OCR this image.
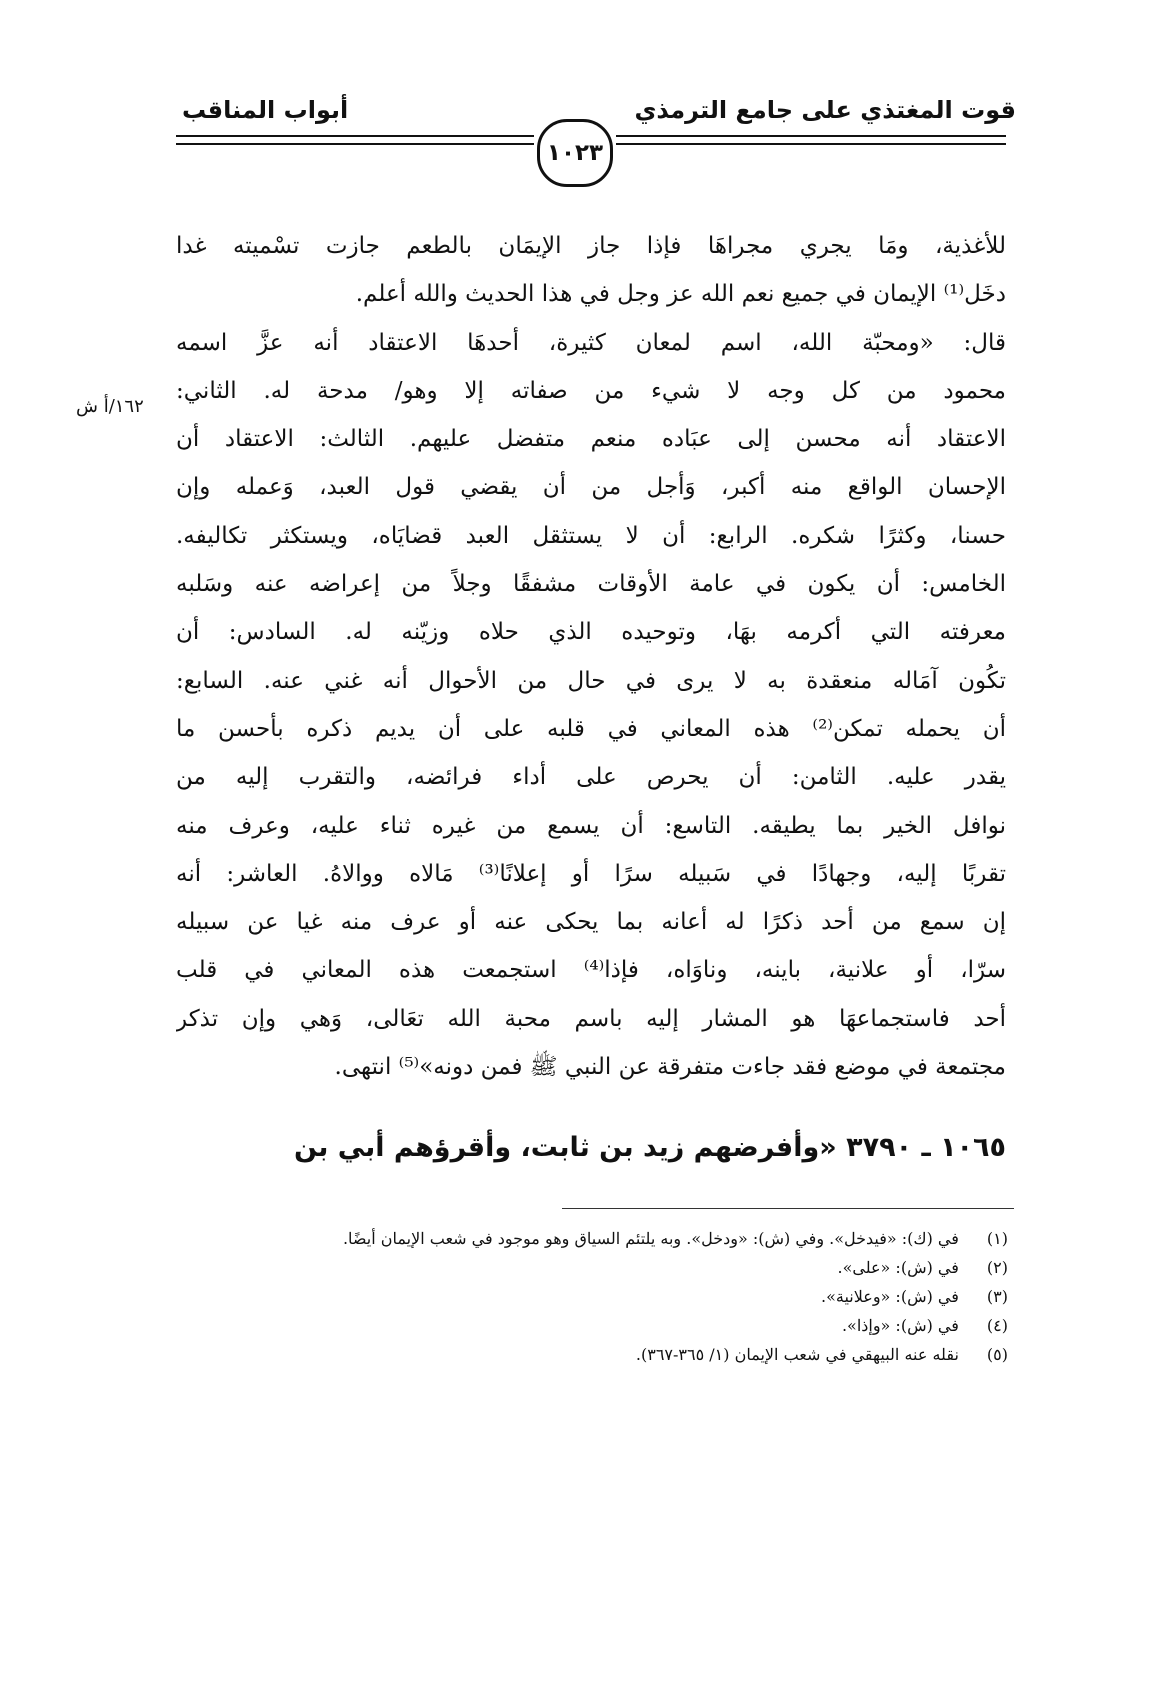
قوت المغتذي على جامع الترمذي
أبواب المناقب
١٠٢٣
١٦٢/أ ش
للأغذية، ومَا يجري مجراهَا فإذا جاز الإيمَان بالطعم جازت تسْميته غدا
دخَل⁽¹⁾ الإيمان في جميع نعم الله عز وجل في هذا الحديث والله أعلم.
قال: «ومحبّة الله، اسم لمعان كثيرة، أحدهَا الاعتقاد أنه عزَّ اسمه
محمود من كل وجه لا شيء من صفاته إلا وهو/ مدحة له. الثاني:
الاعتقاد أنه محسن إلى عبَاده منعم متفضل عليهم. الثالث: الاعتقاد أن
الإحسان الواقع منه أكبر، وَأجل من أن يقضي قول العبد، وَعمله وإن
حسنا، وكثرًا شكره. الرابع: أن لا يستثقل العبد قضايَاه، ويستكثر تكاليفه.
الخامس: أن يكون في عامة الأوقات مشفقًا وجلاً من إعراضه عنه وسَلبه
معرفته التي أكرمه بهَا، وتوحيده الذي حلاه وزيّنه له. السادس: أن
تكُون آمَاله منعقدة به لا يرى في حال من الأحوال أنه غني عنه. السابع:
أن يحمله تمكن⁽²⁾ هذه المعاني في قلبه على أن يديم ذكره بأحسن ما
يقدر عليه. الثامن: أن يحرص على أداء فرائضه، والتقرب إليه من
نوافل الخير بما يطيقه. التاسع: أن يسمع من غيره ثناء عليه، وعرف منه
تقربًا إليه، وجهادًا في سَبيله سرًا أو إعلانًا⁽³⁾ مَالاه ووالاهُ. العاشر: أنه
إن سمع من أحد ذكرًا له أعانه بما يحكى عنه أو عرف منه غيا عن سبيله
سرّا، أو علانية، باينه، وناوَاه، فإذا⁽⁴⁾ استجمعت هذه المعاني في قلب
أحد فاستجماعهَا هو المشار إليه باسم محبة الله تعَالى، وَهي وإن تذكر
مجتمعة في موضع فقد جاءت متفرقة عن النبي ﷺ فمن دونه»⁽⁵⁾ انتهى.
١٠٦٥ ـ ٣٧٩٠ «وأفرضهم زيد بن ثابت، وأقرؤهم أبي بن
(١) في (ك): «فيدخل». وفي (ش): «ودخل». وبه يلتئم السياق وهو موجود في شعب الإيمان أيضًا.
(٢) في (ش): «على».
(٣) في (ش): «وعلانية».
(٤) في (ش): «وإذا».
(٥) نقله عنه البيهقي في شعب الإيمان (١/ ٣٦٥-٣٦٧).
